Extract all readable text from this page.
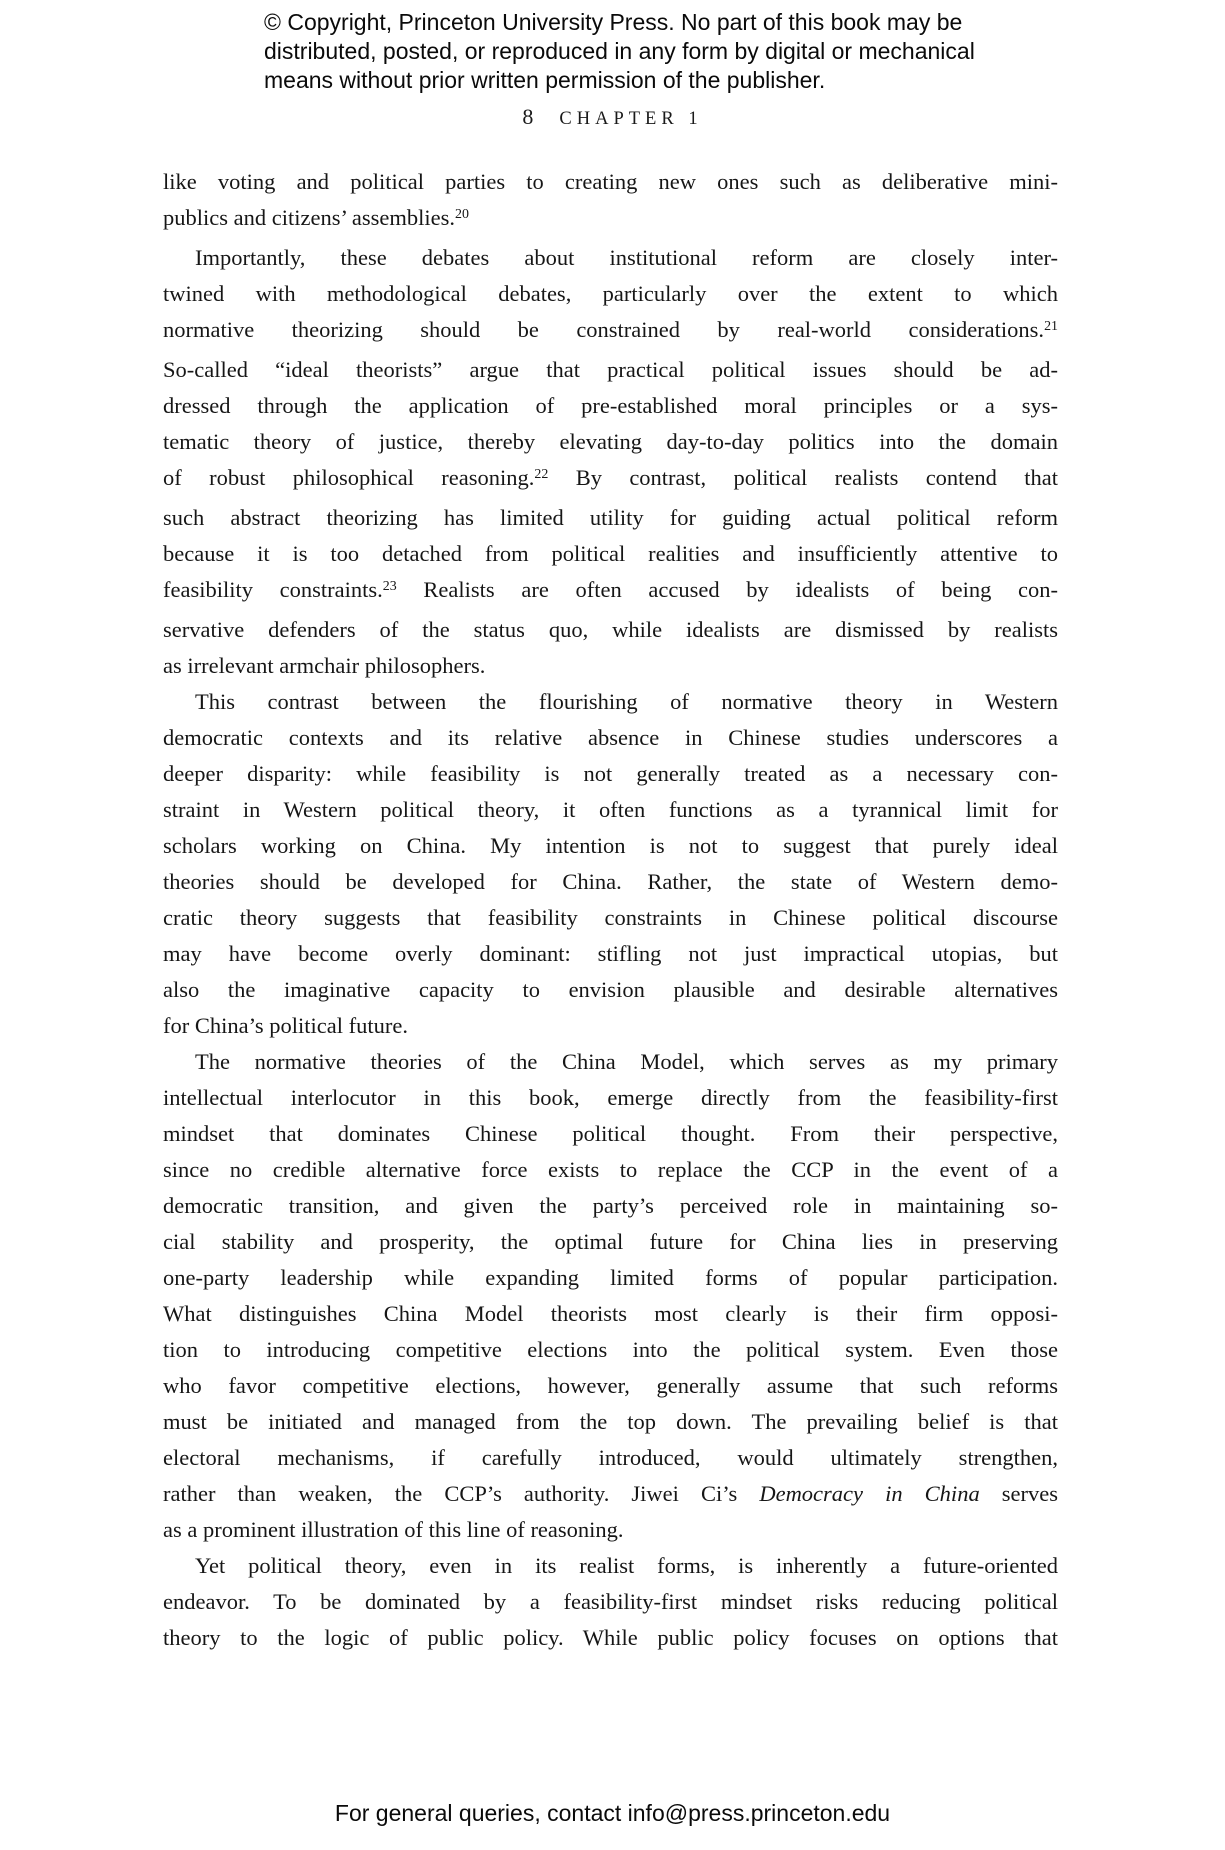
© Copyright, Princeton University Press. No part of this book may be
distributed, posted, or reproduced in any form by digital or mechanical
means without prior written permission of the publisher.
8 CHAPTER 1
like voting and political parties to creating new ones such as deliberative mini-
publics and citizens’ assemblies.$^{20}$
Importantly, these debates about institutional reform are closely inter-
twined with methodological debates, particularly over the extent to which
normative theorizing should be constrained by real-world considerations.$^{21}$
So-called “ideal theorists” argue that practical political issues should be ad-
dressed through the application of pre-established moral principles or a sys-
tematic theory of justice, thereby elevating day-to-day politics into the domain
of robust philosophical reasoning.$^{22}$ By contrast, political realists contend that
such abstract theorizing has limited utility for guiding actual political reform
because it is too detached from political realities and insufficiently attentive to
feasibility constraints.$^{23}$ Realists are often accused by idealists of being con-
servative defenders of the status quo, while idealists are dismissed by realists
as irrelevant armchair philosophers.
This contrast between the flourishing of normative theory in Western
democratic contexts and its relative absence in Chinese studies underscores a
deeper disparity: while feasibility is not generally treated as a necessary con-
straint in Western political theory, it often functions as a tyrannical limit for
scholars working on China. My intention is not to suggest that purely ideal
theories should be developed for China. Rather, the state of Western demo-
cratic theory suggests that feasibility constraints in Chinese political discourse
may have become overly dominant: stifling not just impractical utopias, but
also the imaginative capacity to envision plausible and desirable alternatives
for China’s political future.
The normative theories of the China Model, which serves as my primary
intellectual interlocutor in this book, emerge directly from the feasibility-first
mindset that dominates Chinese political thought. From their perspective,
since no credible alternative force exists to replace the CCP in the event of a
democratic transition, and given the party’s perceived role in maintaining so-
cial stability and prosperity, the optimal future for China lies in preserving
one-party leadership while expanding limited forms of popular participation.
What distinguishes China Model theorists most clearly is their firm opposi-
tion to introducing competitive elections into the political system. Even those
who favor competitive elections, however, generally assume that such reforms
must be initiated and managed from the top down. The prevailing belief is that
electoral mechanisms, if carefully introduced, would ultimately strengthen,
rather than weaken, the CCP’s authority. Jiwei Ci’s Democracy in China serves
as a prominent illustration of this line of reasoning.
Yet political theory, even in its realist forms, is inherently a future-oriented
endeavor. To be dominated by a feasibility-first mindset risks reducing political
theory to the logic of public policy. While public policy focuses on options that
For general queries, contact info@press.princeton.edu
